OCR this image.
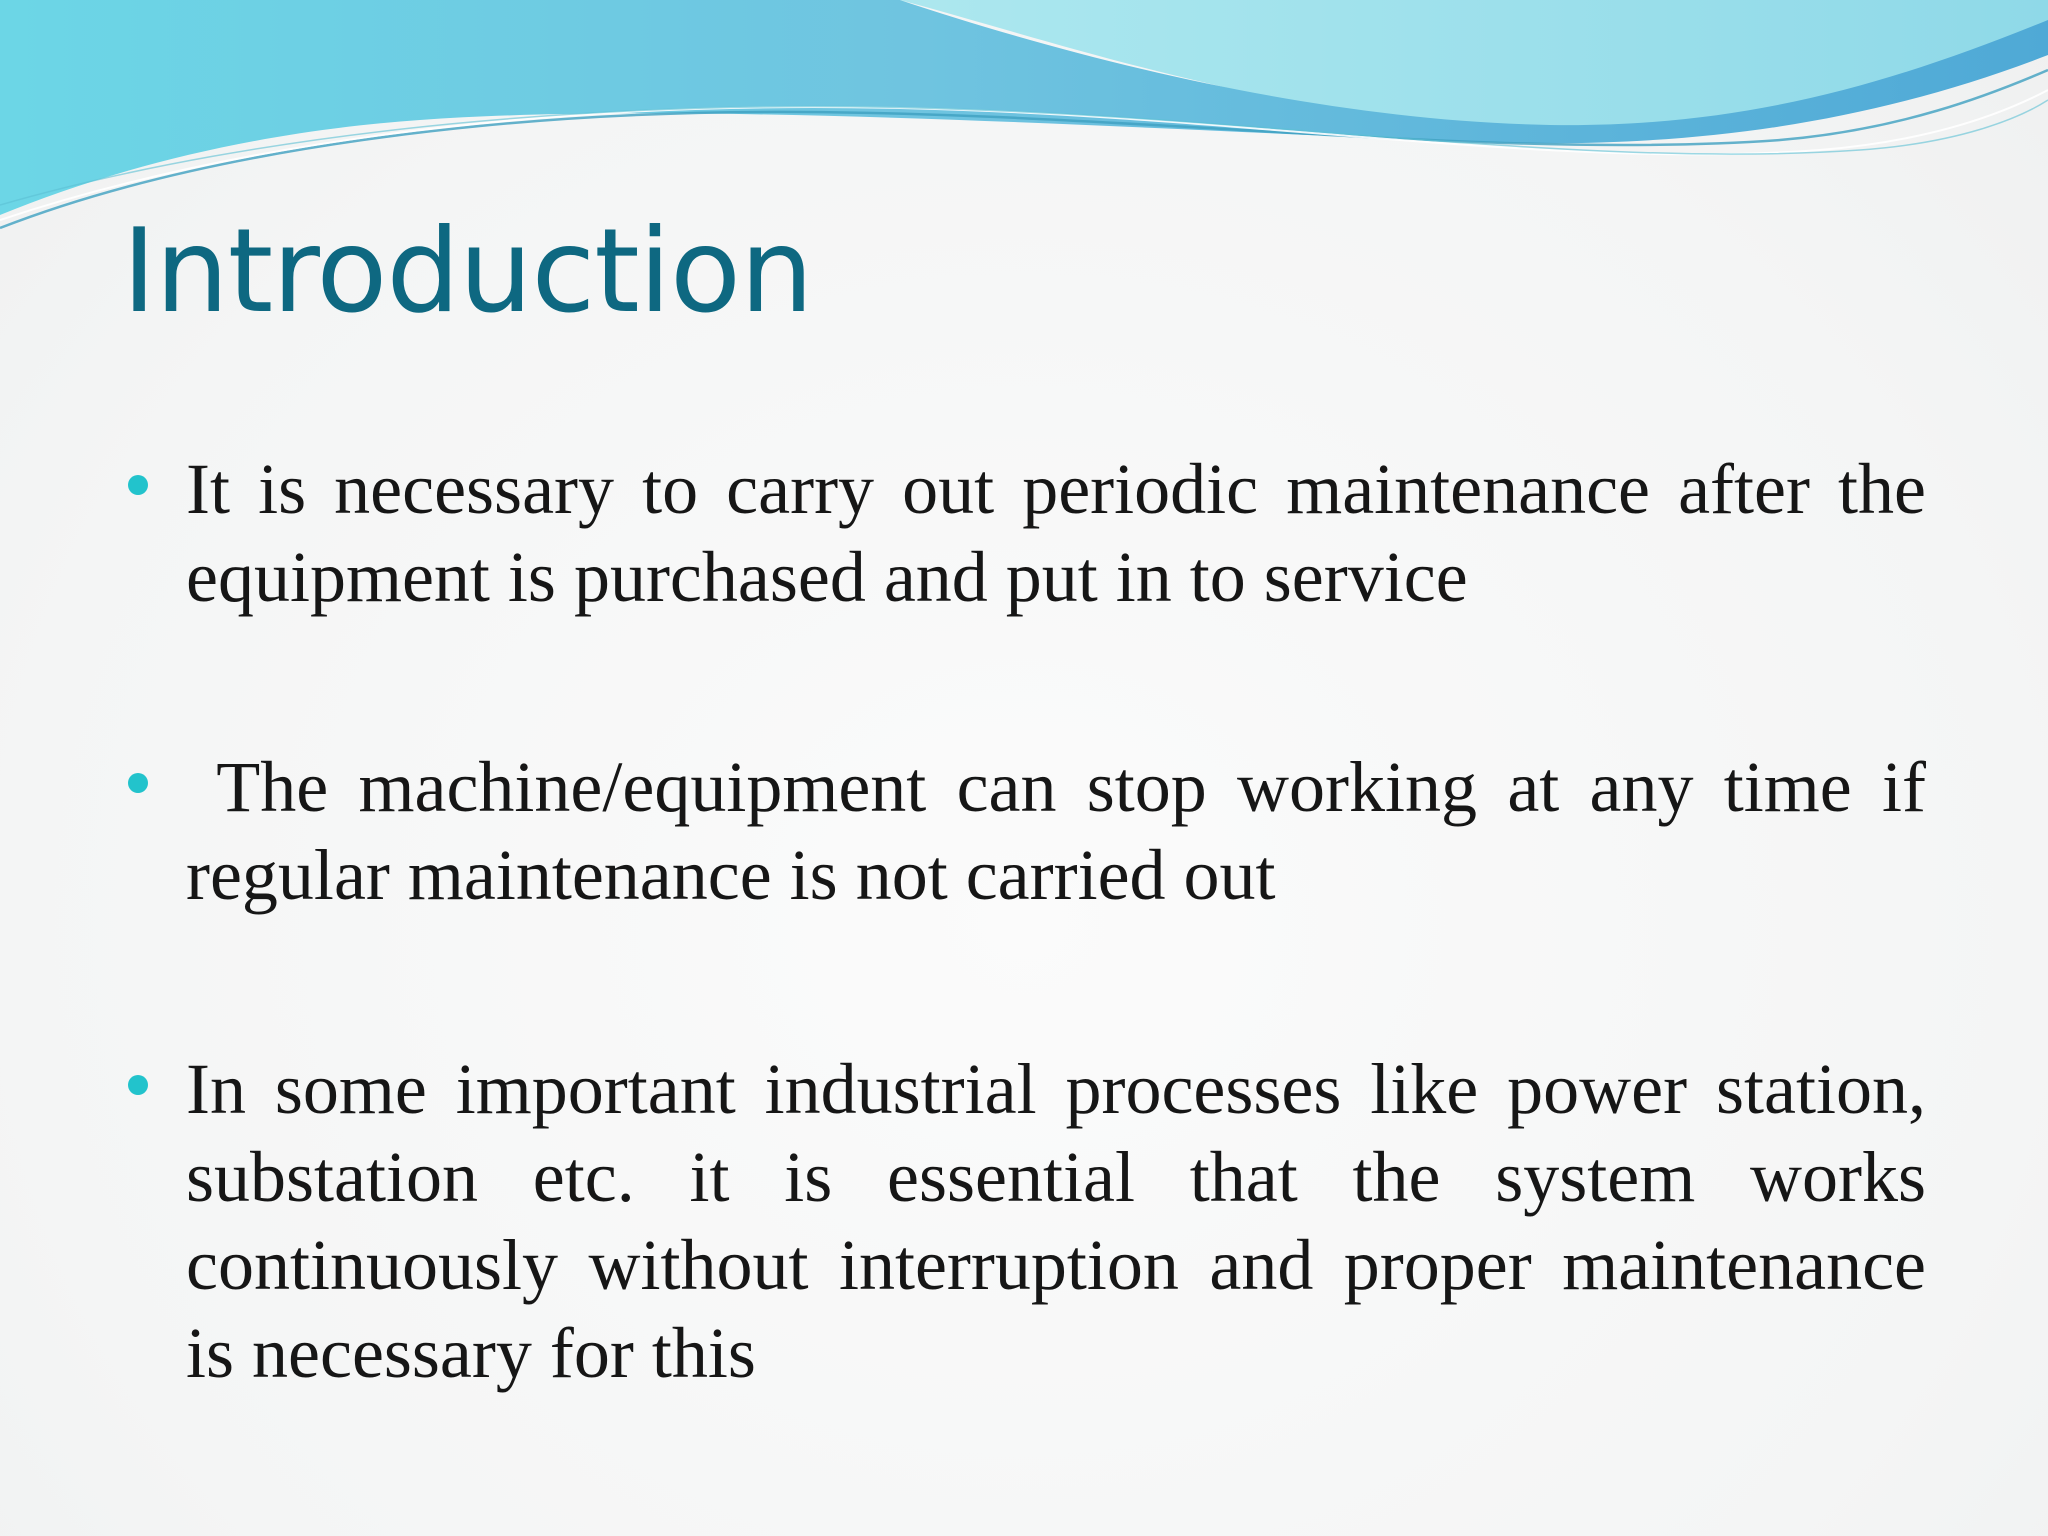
Introduction

It is necessary to carry out periodic maintenance after the equipment is purchased and put in to service

The machine/equipment can stop working at any time if regular maintenance is not carried out

In some important industrial processes like power station, substation etc. it is essential that the system works continuously without interruption and proper maintenance is necessary for this
